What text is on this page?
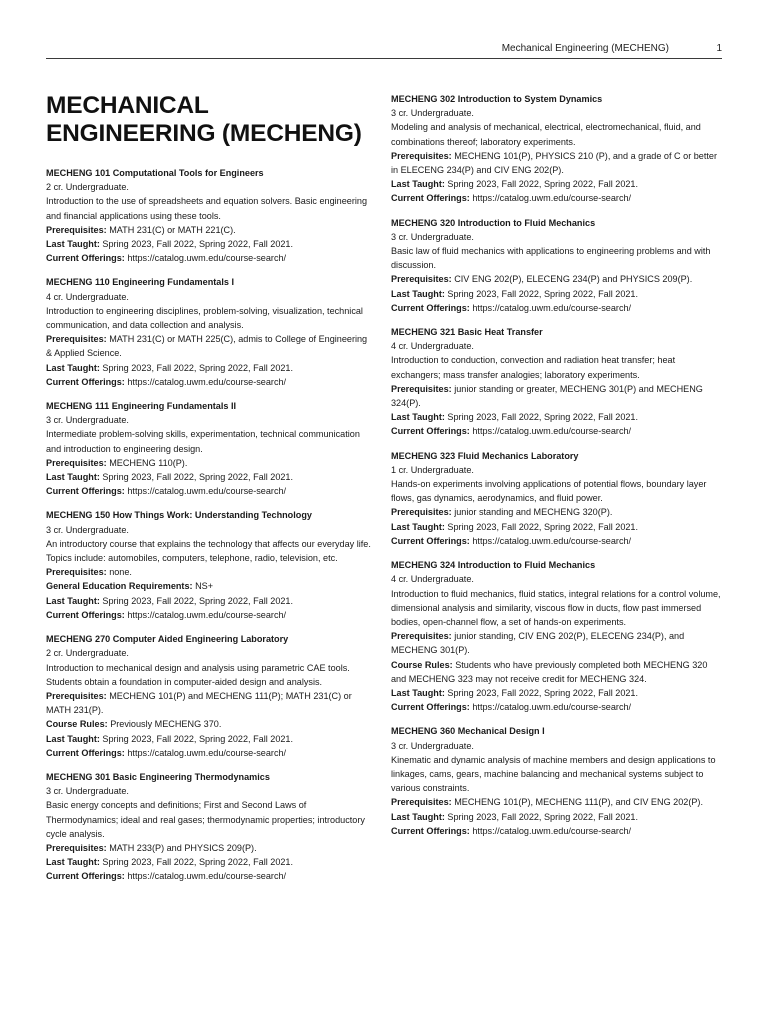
Mechanical Engineering (MECHENG)	1
MECHANICAL ENGINEERING (MECHENG)

MECHENG 101 Computational Tools for Engineers

2 cr. Undergraduate.

Introduction to the use of spreadsheets and equation solvers. Basic engineering and financial applications using these tools.

Prerequisites: MATH 231(C) or MATH 221(C).

Last Taught: Spring 2023, Fall 2022, Spring 2022, Fall 2021.

Current Offerings: https://catalog.uwm.edu/course-search/

MECHENG 110 Engineering Fundamentals I

4 cr. Undergraduate.

Introduction to engineering disciplines, problem-solving, visualization, technical communication, and data collection and analysis.

Prerequisites: MATH 231(C) or MATH 225(C), admis to College of Engineering & Applied Science.

Last Taught: Spring 2023, Fall 2022, Spring 2022, Fall 2021.

Current Offerings: https://catalog.uwm.edu/course-search/

MECHENG 111 Engineering Fundamentals II

3 cr. Undergraduate.

Intermediate problem-solving skills, experimentation, technical communication and introduction to engineering design.

Prerequisites: MECHENG 110(P).

Last Taught: Spring 2023, Fall 2022, Spring 2022, Fall 2021.

Current Offerings: https://catalog.uwm.edu/course-search/

MECHENG 150 How Things Work: Understanding Technology

3 cr. Undergraduate.

An introductory course that explains the technology that affects our everyday life. Topics include: automobiles, computers, telephone, radio, television, etc.

Prerequisites: none.

General Education Requirements: NS+

Last Taught: Spring 2023, Fall 2022, Spring 2022, Fall 2021.

Current Offerings: https://catalog.uwm.edu/course-search/

MECHENG 270 Computer Aided Engineering Laboratory

2 cr. Undergraduate.

Introduction to mechanical design and analysis using parametric CAE tools. Students obtain a foundation in computer-aided design and analysis.

Prerequisites: MECHENG 101(P) and MECHENG 111(P); MATH 231(C) or MATH 231(P).

Course Rules: Previously MECHENG 370.

Last Taught: Spring 2023, Fall 2022, Spring 2022, Fall 2021.

Current Offerings: https://catalog.uwm.edu/course-search/

MECHENG 301 Basic Engineering Thermodynamics

3 cr. Undergraduate.

Basic energy concepts and definitions; First and Second Laws of Thermodynamics; ideal and real gases; thermodynamic properties; introductory cycle analysis.

Prerequisites: MATH 233(P) and PHYSICS 209(P).

Last Taught: Spring 2023, Fall 2022, Spring 2022, Fall 2021.

Current Offerings: https://catalog.uwm.edu/course-search/

MECHENG 302 Introduction to System Dynamics

3 cr. Undergraduate.

Modeling and analysis of mechanical, electrical, electromechanical, fluid, and combinations thereof; laboratory experiments.

Prerequisites: MECHENG 101(P), PHYSICS 210 (P), and a grade of C or better in ELECENG 234(P) and CIV ENG 202(P).

Last Taught: Spring 2023, Fall 2022, Spring 2022, Fall 2021.

Current Offerings: https://catalog.uwm.edu/course-search/

MECHENG 320 Introduction to Fluid Mechanics

3 cr. Undergraduate.

Basic law of fluid mechanics with applications to engineering problems and with discussion.

Prerequisites: CIV ENG 202(P), ELECENG 234(P) and PHYSICS 209(P).

Last Taught: Spring 2023, Fall 2022, Spring 2022, Fall 2021.

Current Offerings: https://catalog.uwm.edu/course-search/

MECHENG 321 Basic Heat Transfer

4 cr. Undergraduate.

Introduction to conduction, convection and radiation heat transfer; heat exchangers; mass transfer analogies; laboratory experiments.

Prerequisites: junior standing or greater, MECHENG 301(P) and MECHENG 324(P).

Last Taught: Spring 2023, Fall 2022, Spring 2022, Fall 2021.

Current Offerings: https://catalog.uwm.edu/course-search/

MECHENG 323 Fluid Mechanics Laboratory

1 cr. Undergraduate.

Hands-on experiments involving applications of potential flows, boundary layer flows, gas dynamics, aerodynamics, and fluid power.

Prerequisites: junior standing and MECHENG 320(P).

Last Taught: Spring 2023, Fall 2022, Spring 2022, Fall 2021.

Current Offerings: https://catalog.uwm.edu/course-search/

MECHENG 324 Introduction to Fluid Mechanics

4 cr. Undergraduate.

Introduction to fluid mechanics, fluid statics, integral relations for a control volume, dimensional analysis and similarity, viscous flow in ducts, flow past immersed bodies, open-channel flow, a set of hands-on experiments.

Prerequisites: junior standing, CIV ENG 202(P), ELECENG 234(P), and MECHENG 301(P).

Course Rules: Students who have previously completed both MECHENG 320 and MECHENG 323 may not receive credit for MECHENG 324.

Last Taught: Spring 2023, Fall 2022, Spring 2022, Fall 2021.

Current Offerings: https://catalog.uwm.edu/course-search/

MECHENG 360 Mechanical Design I

3 cr. Undergraduate.

Kinematic and dynamic analysis of machine members and design applications to linkages, cams, gears, machine balancing and mechanical systems subject to various constraints.

Prerequisites: MECHENG 101(P), MECHENG 111(P), and CIV ENG 202(P).

Last Taught: Spring 2023, Fall 2022, Spring 2022, Fall 2021.

Current Offerings: https://catalog.uwm.edu/course-search/
